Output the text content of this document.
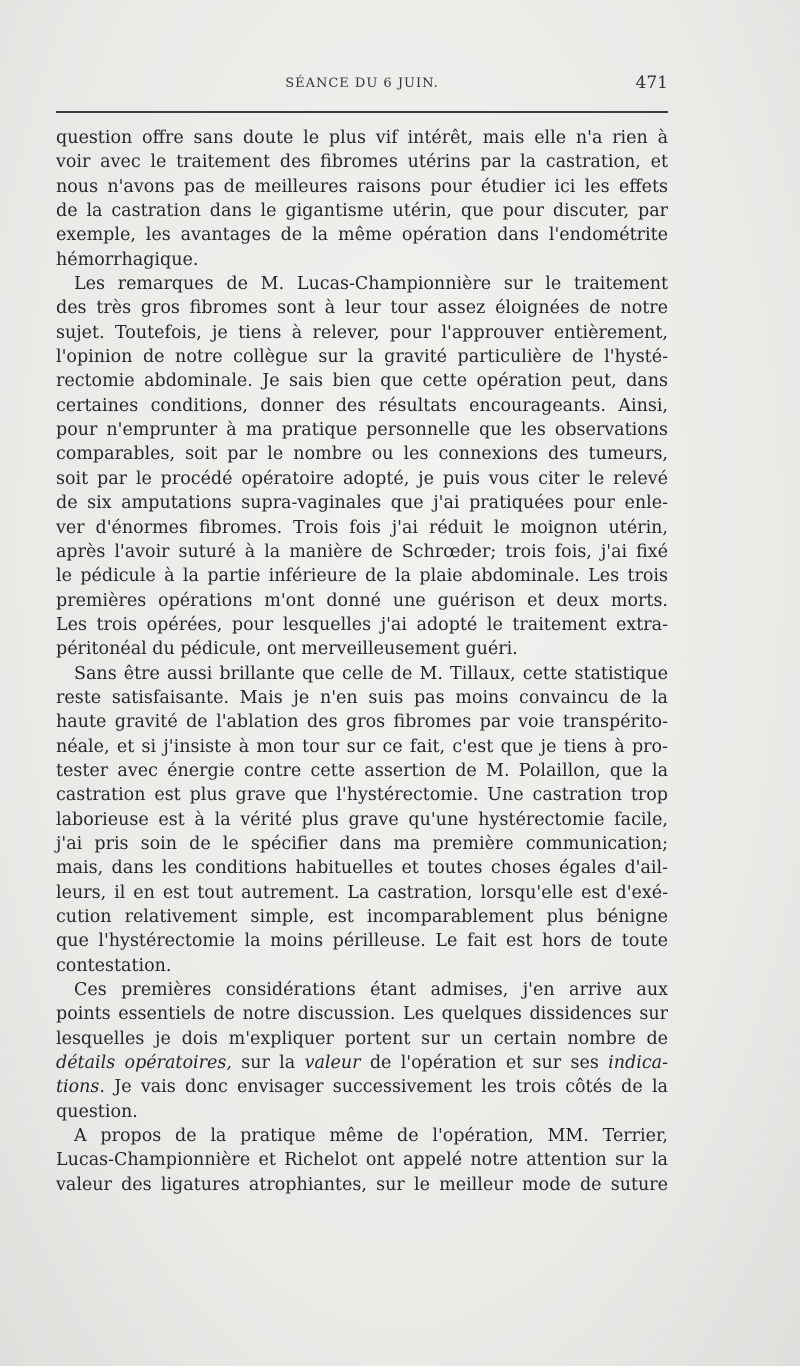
SÉANCE DU 6 JUIN.	471
question offre sans doute le plus vif intérêt, mais elle n'a rien à
voir avec le traitement des fibromes utérins par la castration, et
nous n'avons pas de meilleures raisons pour étudier ici les effets
de la castration dans le gigantisme utérin, que pour discuter, par
exemple, les avantages de la même opération dans l'endométrite
hémorrhagique.
Les remarques de M. Lucas-Championnière sur le traitement
des très gros fibromes sont à leur tour assez éloignées de notre
sujet. Toutefois, je tiens à relever, pour l'approuver entièrement,
l'opinion de notre collègue sur la gravité particulière de l'hysté-
rectomie abdominale. Je sais bien que cette opération peut, dans
certaines conditions, donner des résultats encourageants. Ainsi,
pour n'emprunter à ma pratique personnelle que les observations
comparables, soit par le nombre ou les connexions des tumeurs,
soit par le procédé opératoire adopté, je puis vous citer le relevé
de six amputations supra-vaginales que j'ai pratiquées pour enle-
ver d'énormes fibromes. Trois fois j'ai réduit le moignon utérin,
après l'avoir suturé à la manière de Schrœder; trois fois, j'ai fixé
le pédicule à la partie inférieure de la plaie abdominale. Les trois
premières opérations m'ont donné une guérison et deux morts.
Les trois opérées, pour lesquelles j'ai adopté le traitement extra-
péritonéal du pédicule, ont merveilleusement guéri.
Sans être aussi brillante que celle de M. Tillaux, cette statistique
reste satisfaisante. Mais je n'en suis pas moins convaincu de la
haute gravité de l'ablation des gros fibromes par voie transpérito-
néale, et si j'insiste à mon tour sur ce fait, c'est que je tiens à pro-
tester avec énergie contre cette assertion de M. Polaillon, que la
castration est plus grave que l'hystérectomie. Une castration trop
laborieuse est à la vérité plus grave qu'une hystérectomie facile,
j'ai pris soin de le spécifier dans ma première communication;
mais, dans les conditions habituelles et toutes choses égales d'ail-
leurs, il en est tout autrement. La castration, lorsqu'elle est d'exé-
cution relativement simple, est incomparablement plus bénigne
que l'hystérectomie la moins périlleuse. Le fait est hors de toute
contestation.
Ces premières considérations étant admises, j'en arrive aux
points essentiels de notre discussion. Les quelques dissidences sur
lesquelles je dois m'expliquer portent sur un certain nombre de
détails opératoires, sur la valeur de l'opération et sur ses indica-
tions. Je vais donc envisager successivement les trois côtés de la
question.
A propos de la pratique même de l'opération, MM. Terrier,
Lucas-Championnière et Richelot ont appelé notre attention sur la
valeur des ligatures atrophiantes, sur le meilleur mode de suture
